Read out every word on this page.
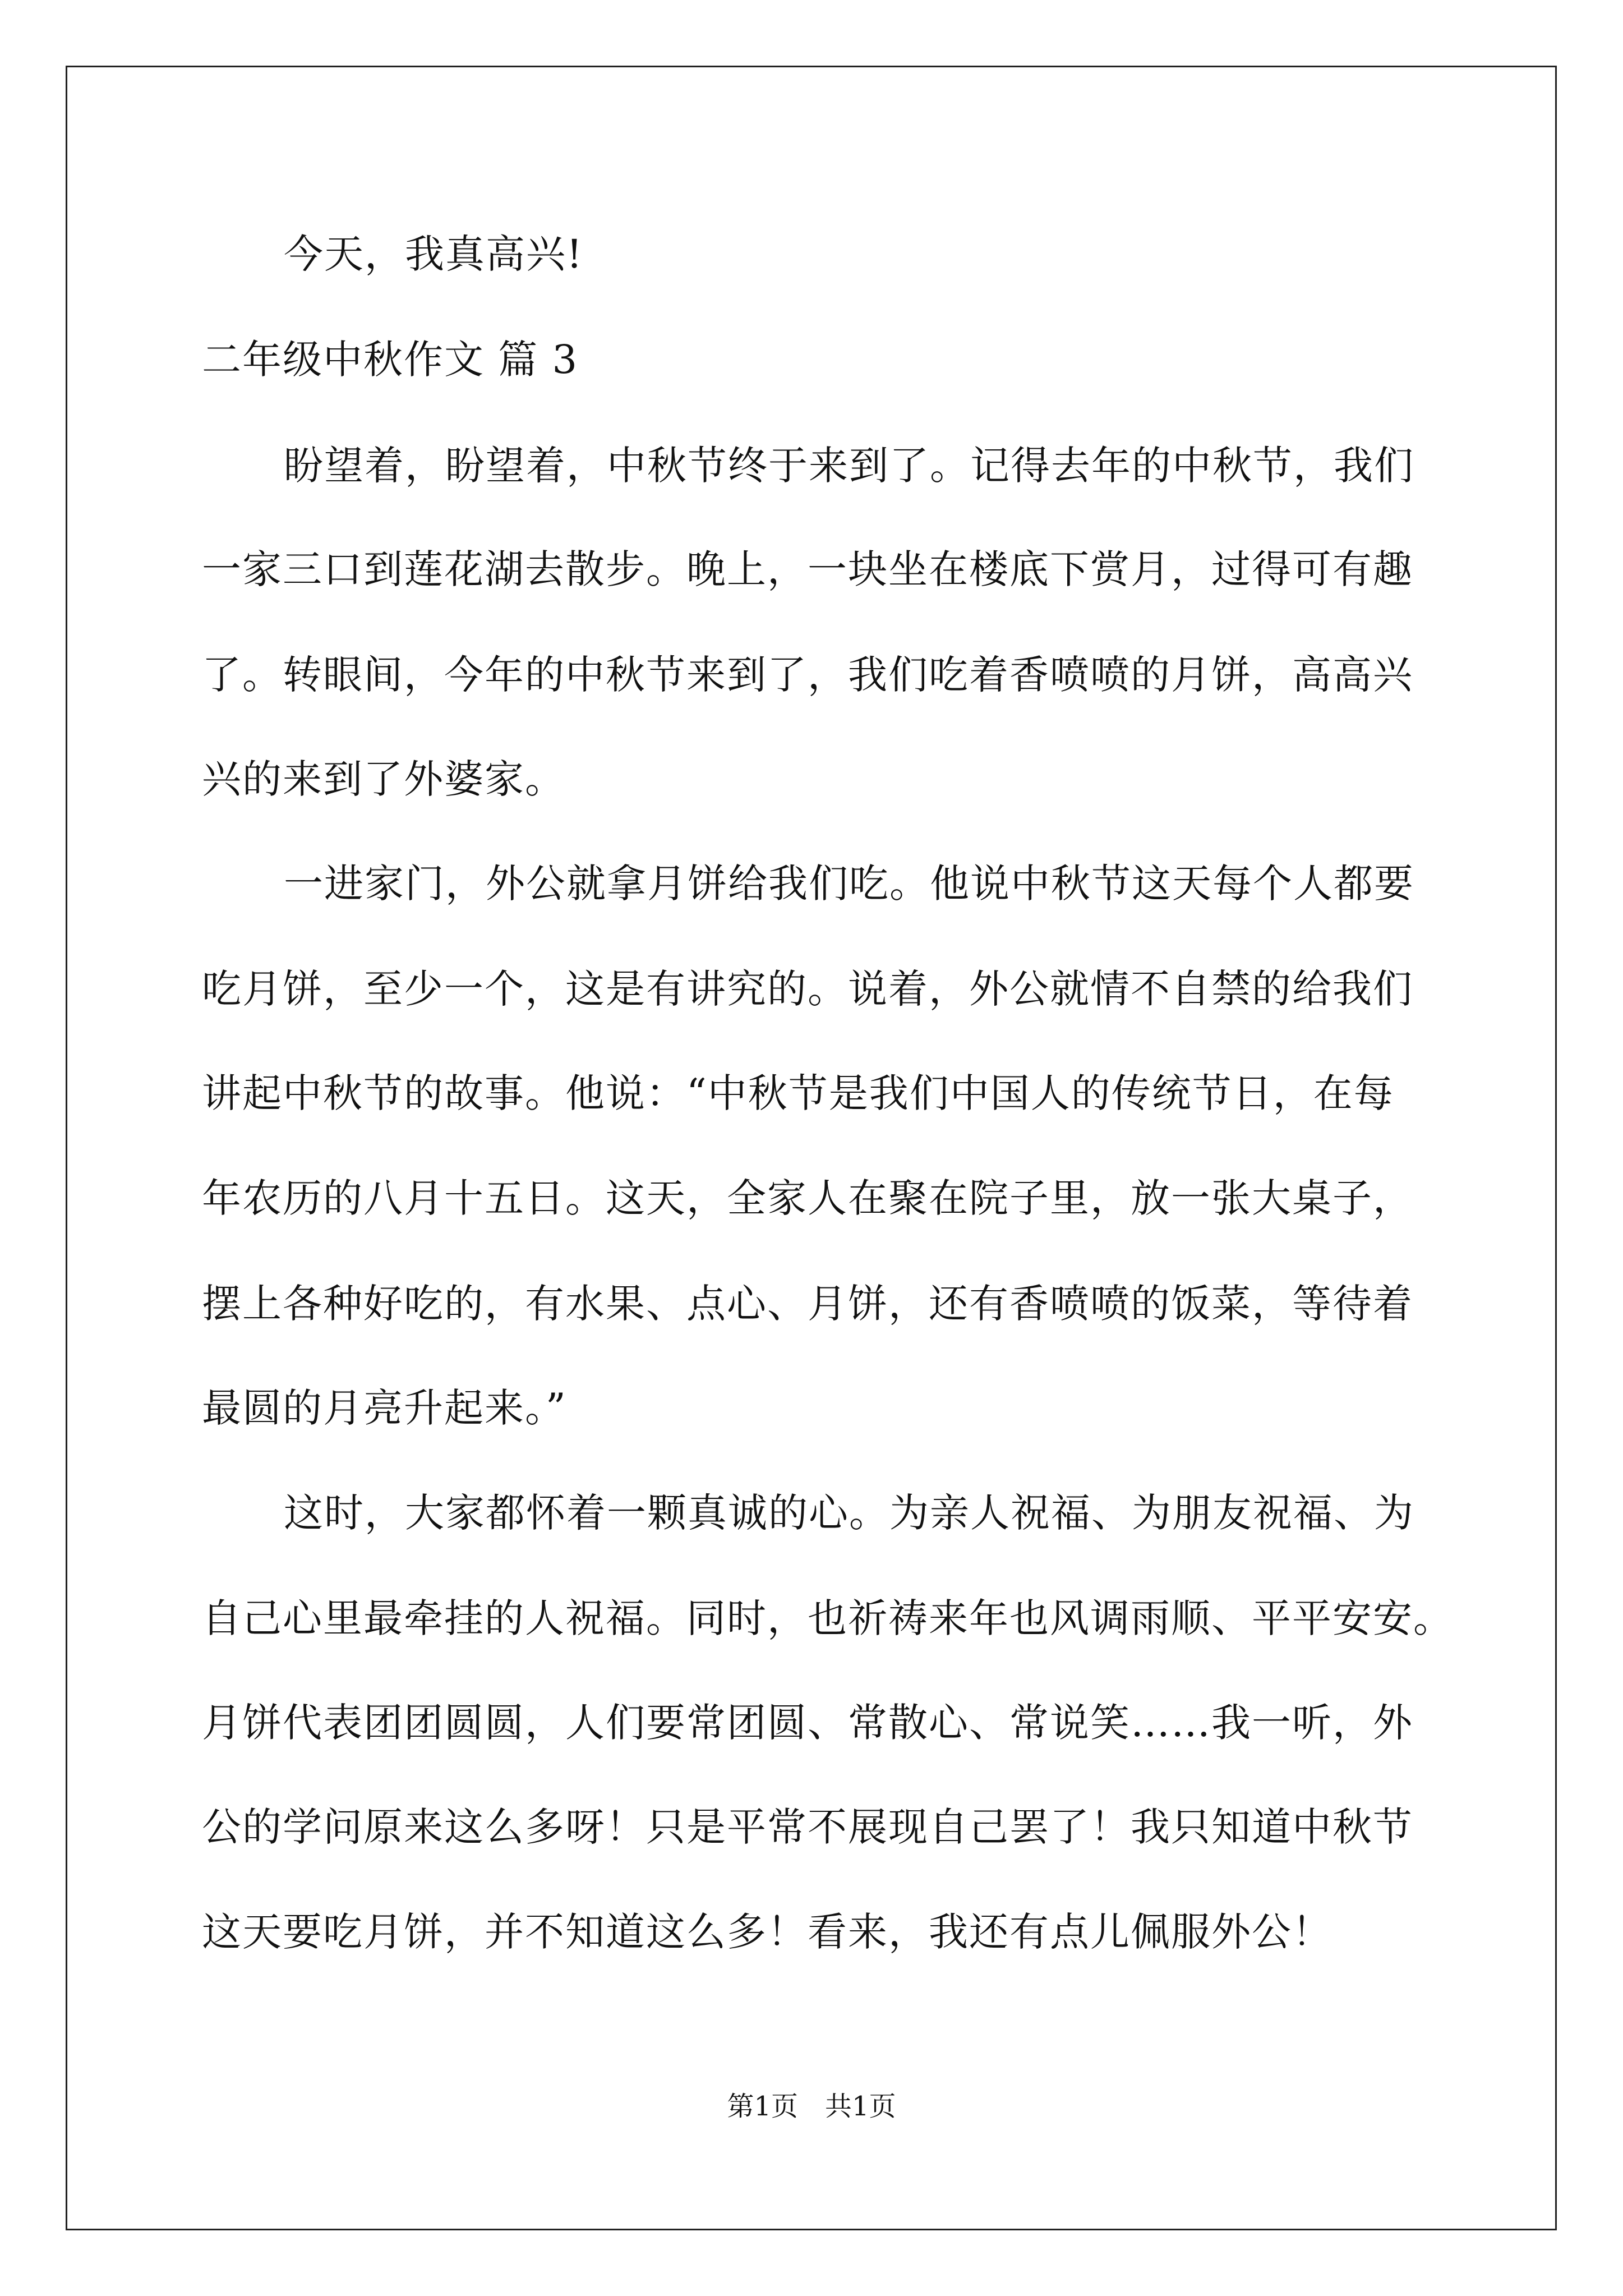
今天，我真高兴!
二年级中秋作文 篇 3
盼望着，盼望着，中秋节终于来到了。记得去年的中秋节，我们
一家三口到莲花湖去散步。晚上，一块坐在楼底下赏月，过得可有趣
了。转眼间，今年的中秋节来到了，我们吃着香喷喷的月饼，高高兴
兴的来到了外婆家。
一进家门，外公就拿月饼给我们吃。他说中秋节这天每个人都要
吃月饼，至少一个，这是有讲究的。说着，外公就情不自禁的给我们
讲起中秋节的故事。他说：“中秋节是我们中国人的传统节日，在每
年农历的八月十五日。这天，全家人在聚在院子里，放一张大桌子，
摆上各种好吃的，有水果、点心、月饼，还有香喷喷的饭菜，等待着
最圆的月亮升起来。”
这时，大家都怀着一颗真诚的心。为亲人祝福、为朋友祝福、为
自己心里最牵挂的人祝福。同时，也祈祷来年也风调雨顺、平平安安。
月饼代表团团圆圆，人们要常团圆、常散心、常说笑……我一听，外
公的学问原来这么多呀！只是平常不展现自己罢了！我只知道中秋节
这天要吃月饼，并不知道这么多！看来，我还有点儿佩服外公！
第1页　共1页
